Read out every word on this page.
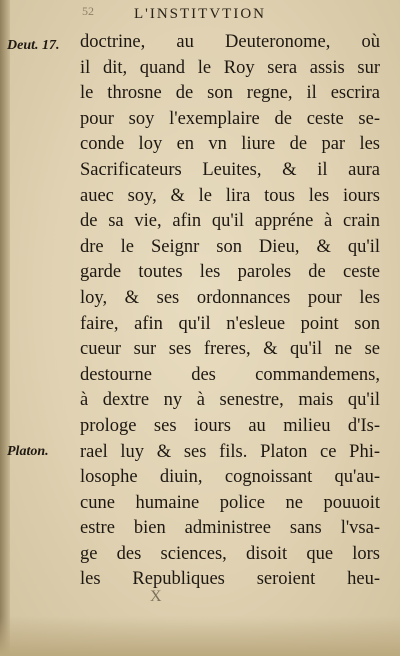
52	L'INSTITVTION
Deut. 17.
Platon.
doctrine, au Deuteronome, où
il dit, quand le Roy sera assis sur
le throsne de son regne, il escrira
pour soy l'exemplaire de ceste se-
conde loy en vn liure de par les
Sacrificateurs Leuites, & il aura
auec soy, & le lira tous les iours
de sa vie, afin qu'il appréne à crain
dre le Seignr son Dieu, & qu'il
garde toutes les paroles de ceste
loy, & ses ordonnances pour les
faire, afin qu'il n'esleue point son
cueur sur ses freres, & qu'il ne se
destourne des commandemens,
à dextre ny à senestre, mais qu'il
prologe ses iours au milieu d'Is-
rael luy & ses fils. Platon ce Phi-
losophe diuin, cognoissant qu'au-
cune humaine police ne pouuoit
estre bien administree sans l'vsa-
ge des sciences, disoit que lors
les Republiques seroient heu-
X
